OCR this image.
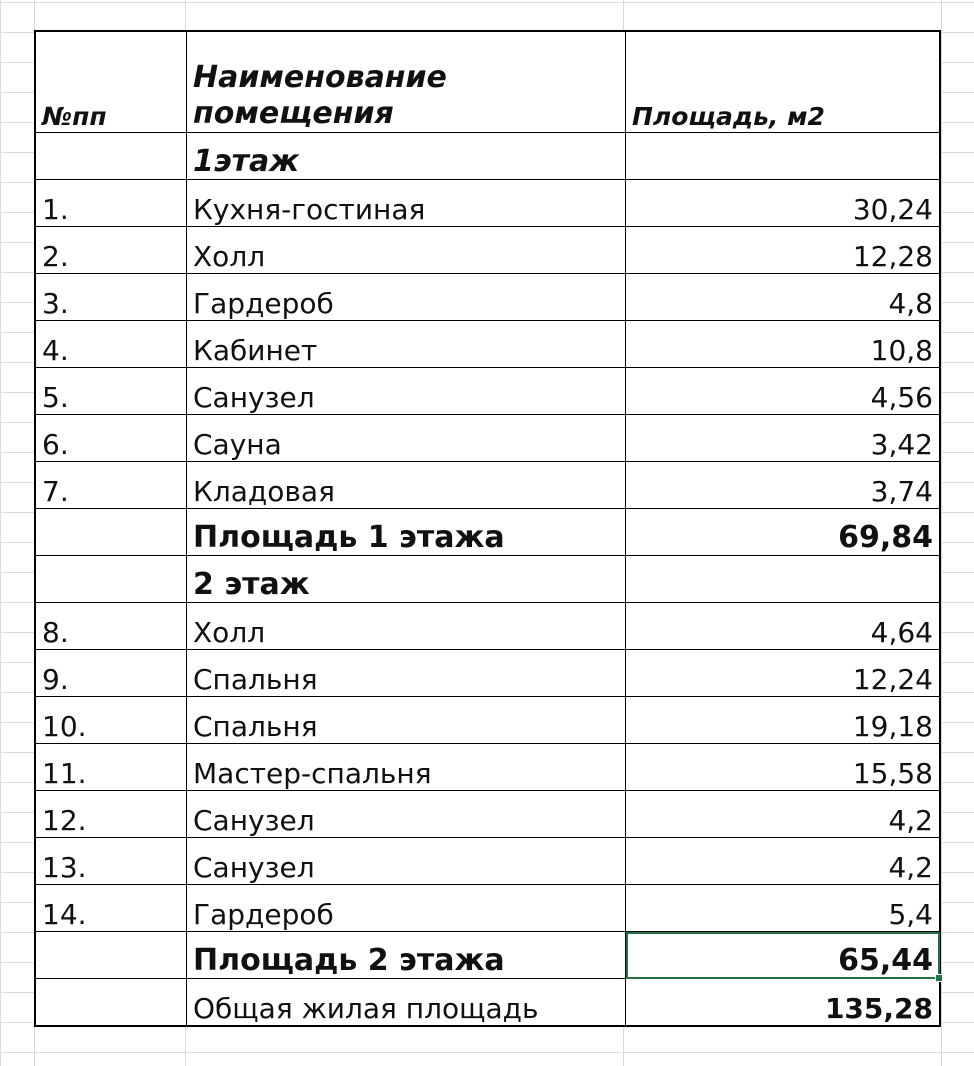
№пп	Наименование помещения	Площадь, м2
	1этаж	
1.	Кухня-гостиная	30,24
2.	Холл	12,28
3.	Гардероб	4,8
4.	Кабинет	10,8
5.	Санузел	4,56
6.	Сауна	3,42
7.	Кладовая	3,74
	Площадь 1 этажа	69,84
	2 этаж	
8.	Холл	4,64
9.	Спальня	12,24
10.	Спальня	19,18
11.	Мастер-спальня	15,58
12.	Санузел	4,2
13.	Санузел	4,2
14.	Гардероб	5,4
	Площадь 2 этажа	65,44

	Общая жилая площадь	135,28
